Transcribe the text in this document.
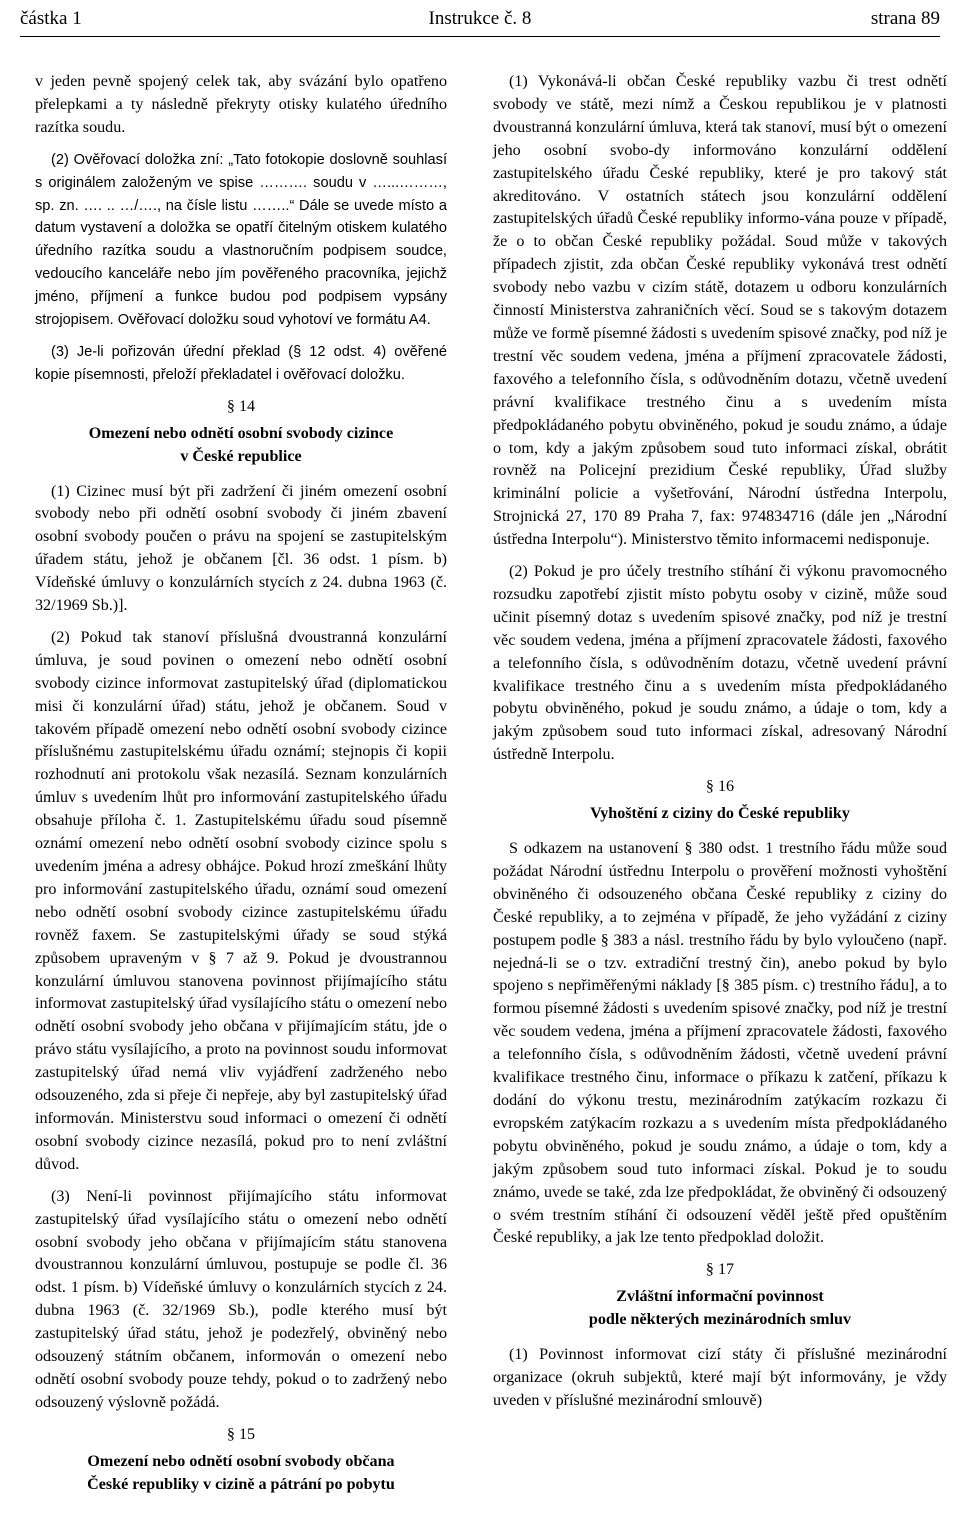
částka 1	Instrukce č. 8	strana 89

v jeden pevně spojený celek tak, aby svázání bylo opatřeno přelepkami a ty následně překryty otisky kulatého úředního razítka soudu.

(2) Ověřovací doložka zní: „Tato fotokopie doslovně souhlasí s originálem založeným ve spise ………. soudu v …...………, sp. zn. …. .. …/…., na čísle listu ……..“ Dále se uvede místo a datum vystavení a doložka se opatří čitelným otiskem kulatého úředního razítka soudu a vlastnoručním podpisem soudce, vedoucího kanceláře nebo jím pověřeného pracovníka, jejichž jméno, příjmení a funkce budou pod podpisem vypsány strojopisem. Ověřovací doložku soud vyhotoví ve formátu A4.

(3) Je-li pořizován úřední překlad (§ 12 odst. 4) ověřené kopie písemnosti, přeloží překladatel i ověřovací doložku.

§ 14
Omezení nebo odnětí osobní svobody cizince
v České republice

(1) Cizinec musí být při zadržení či jiném omezení osobní svobody nebo při odnětí osobní svobody či jiném zbavení osobní svobody poučen o právu na spojení se zastupitelským úřadem státu, jehož je občanem [čl. 36 odst. 1 písm. b) Vídeňské úmluvy o konzulárních stycích z 24. dubna 1963 (č. 32/1969 Sb.)].

(2) Pokud tak stanoví příslušná dvoustranná konzulární úmluva, je soud povinen o omezení nebo odnětí osobní svobody cizince informovat zastupitelský úřad (diplomatickou misi či konzulární úřad) státu, jehož je občanem. Soud v takovém případě omezení nebo odnětí osobní svobody cizince příslušnému zastupitelskému úřadu oznámí; stejnopis či kopii rozhodnutí ani protokolu však nezasílá. Seznam konzulárních úmluv s uvedením lhůt pro informování zastupitelského úřadu obsahuje příloha č. 1. Zastupitelskému úřadu soud písemně oznámí omezení nebo odnětí osobní svobody cizince spolu s uvedením jména a adresy obhájce. Pokud hrozí zmeškání lhůty pro informování zastupitelského úřadu, oznámí soud omezení nebo odnětí osobní svobody cizince zastupitelskému úřadu rovněž faxem. Se zastupitelskými úřady se soud stýká způsobem upraveným v § 7 až 9. Pokud je dvoustrannou konzulární úmluvou stanovena povinnost přijímajícího státu informovat zastupitelský úřad vysílajícího státu o omezení nebo odnětí osobní svobody jeho občana v přijímajícím státu, jde o právo státu vysílajícího, a proto na povinnost soudu informovat zastupitelský úřad nemá vliv vyjádření zadrženého nebo odsouzeného, zda si přeje či nepřeje, aby byl zastupitelský úřad informován. Ministerstvu soud informaci o omezení či odnětí osobní svobody cizince nezasílá, pokud pro to není zvláštní důvod.

(3) Není-li povinnost přijímajícího státu informovat zastupitelský úřad vysílajícího státu o omezení nebo odnětí osobní svobody jeho občana v přijímajícím státu stanovena dvoustrannou konzulární úmluvou, postupuje se podle čl. 36 odst. 1 písm. b) Vídeňské úmluvy o konzulárních stycích z 24. dubna 1963 (č. 32/1969 Sb.), podle kterého musí být zastupitelský úřad státu, jehož je podezřelý, obviněný nebo odsouzený státním občanem, informován o omezení nebo odnětí osobní svobody pouze tehdy, pokud o to zadržený nebo odsouzený výslovně požádá.

§ 15
Omezení nebo odnětí osobní svobody občana
České republiky v cizině a pátrání po pobytu

(1) Vykonává-li občan České republiky vazbu či trest odnětí svobody ve státě, mezi nímž a Českou republikou je v platnosti dvoustranná konzulární úmluva, která tak stanoví, musí být o omezení jeho osobní svobo-dy informováno konzulární oddělení zastupitelského úřadu České republiky, které je pro takový stát akreditováno. V ostatních státech jsou konzulární oddělení zastupitelských úřadů České republiky informo-vána pouze v případě, že o to občan České republiky požádal. Soud může v takových případech zjistit, zda občan České republiky vykonává trest odnětí svobody nebo vazbu v cizím státě, dotazem u odboru konzulárních činností Ministerstva zahraničních věcí. Soud se s takovým dotazem může ve formě písemné žádosti s uvedením spisové značky, pod níž je trestní věc soudem vedena, jména a příjmení zpracovatele žádosti, faxového a telefonního čísla, s odůvodněním dotazu, včetně uvedení právní kvalifikace trestného činu a s uvedením místa předpokládaného pobytu obviněného, pokud je soudu známo, a údaje o tom, kdy a jakým způsobem soud tuto informaci získal, obrátit rovněž na Policejní prezidium České republiky, Úřad služby kriminální policie a vyšetřování, Národní ústředna Interpolu, Strojnická 27, 170 89 Praha 7, fax: 974834716 (dále jen „Národní ústředna Interpolu“). Ministerstvo těmito informacemi nedisponuje.

(2) Pokud je pro účely trestního stíhání či výkonu pravomocného rozsudku zapotřebí zjistit místo pobytu osoby v cizině, může soud učinit písemný dotaz s uvedením spisové značky, pod níž je trestní věc soudem vedena, jména a příjmení zpracovatele žádosti, faxového a telefonního čísla, s odůvodněním dotazu, včetně uvedení právní kvalifikace trestného činu a s uvedením místa předpokládaného pobytu obviněného, pokud je soudu známo, a údaje o tom, kdy a jakým způsobem soud tuto informaci získal, adresovaný Národní ústředně Interpolu.

§ 16
Vyhoštění z ciziny do České republiky

S odkazem na ustanovení § 380 odst. 1 trestního řádu může soud požádat Národní ústřednu Interpolu o prověření možnosti vyhoštění obviněného či odsouzeného občana České republiky z ciziny do České republiky, a to zejména v případě, že jeho vyžádání z ciziny postupem podle § 383 a násl. trestního řádu by bylo vyloučeno (např. nejedná-li se o tzv. extradiční trestný čin), anebo pokud by bylo spojeno s nepřiměřenými náklady [§ 385 písm. c) trestního řádu], a to formou písemné žádosti s uvedením spisové značky, pod níž je trestní věc soudem vedena, jména a příjmení zpracovatele žádosti, faxového a telefonního čísla, s odůvodněním žádosti, včetně uvedení právní kvalifikace trestného činu, informace o příkazu k zatčení, příkazu k dodání do výkonu trestu, mezinárodním zatýkacím rozkazu či evropském zatýkacím rozkazu a s uvedením místa předpokládaného pobytu obviněného, pokud je soudu známo, a údaje o tom, kdy a jakým způsobem soud tuto informaci získal. Pokud je to soudu známo, uvede se také, zda lze předpokládat, že obviněný či odsouzený o svém trestním stíhání či odsouzení věděl ještě před opuštěním České republiky, a jak lze tento předpoklad doložit.

§ 17
Zvláštní informační povinnost
podle některých mezinárodních smluv

(1) Povinnost informovat cizí státy či příslušné mezinárodní organizace (okruh subjektů, které mají být informovány, je vždy uveden v příslušné mezinárodní smlouvě)
